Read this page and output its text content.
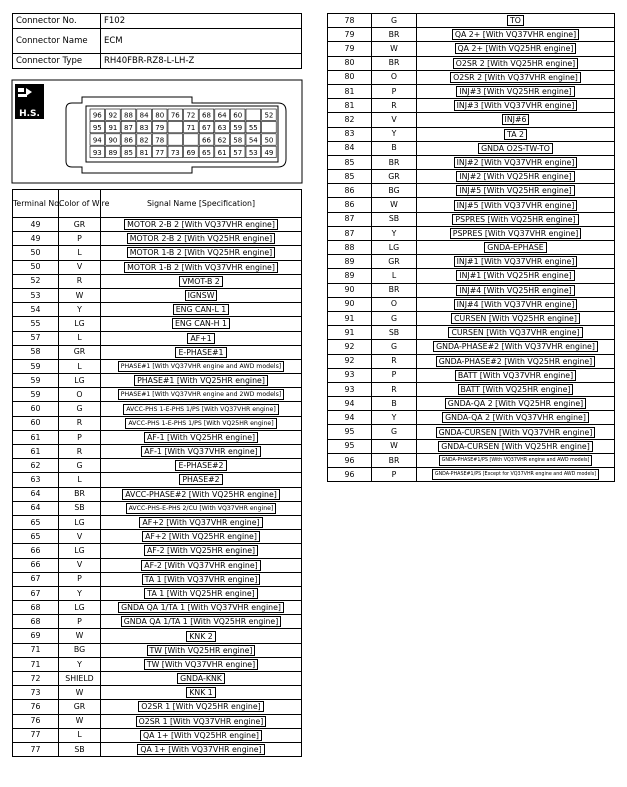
Connector No.	F102
Connector Name	ECM
Connector Type	RH40FBR-RZ8-L-LH-Z
H.S.	96 92 88 84 80 76 72 68 64 60	52
95 91 87 83 79	71 67 63 59 55
94 90 86 82 78	66 62 58 54 50
93 89 85 81 77 73 69 65 61 57 53 49
Terminal No.	Color of Wire	Signal Name [Specification]
49	GR	MOTOR 2-B 2 [With VQ37VHR engine]
49	P	MOTOR 2-B 2 [With VQ25HR engine]
50	L	MOTOR 1-B 2 [With VQ25HR engine]
50	V	MOTOR 1-B 2 [With VQ37VHR engine]
52	R	VMOT-B 2
53	W	IGNSW
54	Y	ENG CAN-L 1
55	LG	ENG CAN-H 1
57	L	AF+1
58	GR	E-PHASE#1
59	L	PHASE#1 [With VQ37VHR engine and AWD models]
59	LG	PHASE#1 [With VQ25HR engine]
59	O	PHASE#1 [With VQ37VHR engine and 2WD models]
60	G	AVCC-PHS 1-E-PHS 1/PS [With VQ37VHR engine]
60	R	AVCC-PHS 1-E-PHS 1/PS [With VQ25HR engine]
61	P	AF-1 [With VQ25HR engine]
61	R	AF-1 [With VQ37VHR engine]
62	G	E-PHASE#2
63	L	PHASE#2
64	BR	AVCC-PHASE#2 [With VQ25HR engine]
64	SB	AVCC-PHS-E-PHS 2/CU [With VQ37VHR engine]
65	LG	AF+2 [With VQ37VHR engine]
65	V	AF+2 [With VQ25HR engine]
66	LG	AF-2 [With VQ25HR engine]
66	V	AF-2 [With VQ37VHR engine]
67	P	TA 1 [With VQ37VHR engine]
67	Y	TA 1 [With VQ25HR engine]
68	LG	GNDA QA 1/TA 1 [With VQ37VHR engine]
68	P	GNDA QA 1/TA 1 [With VQ25HR engine]
69	W	KNK 2
71	BG	TW [With VQ25HR engine]
71	Y	TW [With VQ37VHR engine]
72	SHIELD	GNDA-KNK
73	W	KNK 1
76	GR	O2SR 1 [With VQ25HR engine]
76	W	O2SR 1 [With VQ37VHR engine]
77	L	QA 1+ [With VQ25HR engine]
77	SB	QA 1+ [With VQ37VHR engine]
78	G	TO
79	BR	QA 2+ [With VQ37VHR engine]
79	W	QA 2+ [With VQ25HR engine]
80	BR	O2SR 2 [With VQ25HR engine]
80	O	O2SR 2 [With VQ37VHR engine]
81	P	INJ#3 [With VQ25HR engine]
81	R	INJ#3 [With VQ37VHR engine]
82	V	INJ#6
83	Y	TA 2
84	B	GNDA O2S-TW-TO
85	BR	INJ#2 [With VQ37VHR engine]
85	GR	INJ#2 [With VQ25HR engine]
86	BG	INJ#5 [With VQ25HR engine]
86	W	INJ#5 [With VQ37VHR engine]
87	SB	PSPRES [With VQ25HR engine]
87	Y	PSPRES [With VQ37VHR engine]
88	LG	GNDA-EPHASE
89	GR	INJ#1 [With VQ37VHR engine]
89	L	INJ#1 [With VQ25HR engine]
90	BR	INJ#4 [With VQ25HR engine]
90	O	INJ#4 [With VQ37VHR engine]
91	G	CURSEN [With VQ25HR engine]
91	SB	CURSEN [With VQ37VHR engine]
92	G	GNDA-PHASE#2 [With VQ37VHR engine]
92	R	GNDA-PHASE#2 [With VQ25HR engine]
93	P	BATT [With VQ37VHR engine]
93	R	BATT [With VQ25HR engine]
94	B	GNDA-QA 2 [With VQ25HR engine]
94	Y	GNDA-QA 2 [With VQ37VHR engine]
95	G	GNDA-CURSEN [With VQ37VHR engine]
95	W	GNDA-CURSEN [With VQ25HR engine]
96	BR	GNDA-PHASE#1/PS [With VQ37VHR engine and AWD models]
96	P	GNDA-PHASE#1/PS [Except for VQ37VHR engine and AWD models]
